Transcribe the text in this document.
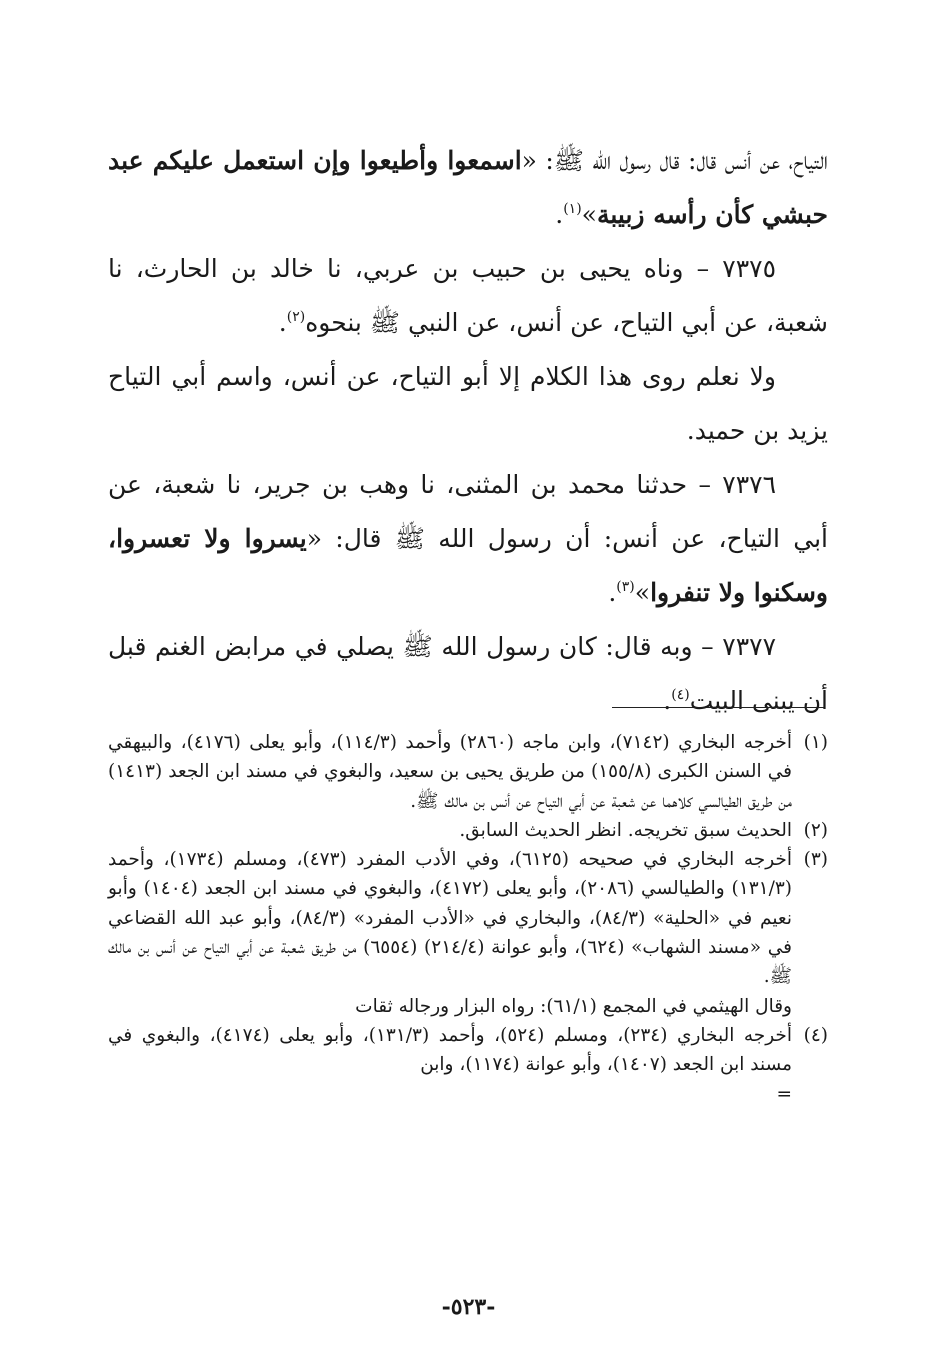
التياح، عن أنس قال: قال رسول الله ﷺ: «اسمعوا وأطيعوا وإن استعمل عليكم عبد حبشي كأن رأسه زبيبة»$^{(١)}$.

٧٣٧٥ – وناه يحيى بن حبيب بن عربي، نا خالد بن الحارث، نا شعبة، عن أبي التياح، عن أنس، عن النبي ﷺ بنحوه$^{(٢)}$.

ولا نعلم روى هذا الكلام إلا أبو التياح، عن أنس، واسم أبي التياح يزيد بن حميد.

٧٣٧٦ – حدثنا محمد بن المثنى، نا وهب بن جرير، نا شعبة، عن أبي التياح، عن أنس: أن رسول الله ﷺ قال: «يسروا ولا تعسروا، وسكنوا ولا تنفروا»$^{(٣)}$.

٧٣٧٧ – وبه قال: كان رسول الله ﷺ يصلي في مرابض الغنم قبل أن يبنى البيت$^{(٤)}$.

(١)
أخرجه البخاري (٧١٤٢)، وابن ماجه (٢٨٦٠) وأحمد (١١٤/٣)، وأبو يعلى (٤١٧٦)، والبيهقي في السنن الكبرى (١٥٥/٨) من طريق يحيى بن سعيد، والبغوي في مسند ابن الجعد (١٤١٣) من طريق الطيالسي كلاهما عن شعبة عن أبي التياح عن أنس بن مالك ﷺ.

(٢)
الحديث سبق تخريجه. انظر الحديث السابق.

(٣)
أخرجه البخاري في صحيحه (٦١٢٥)، وفي الأدب المفرد (٤٧٣)، ومسلم (١٧٣٤)، وأحمد (١٣١/٣) والطيالسي (٢٠٨٦)، وأبو يعلى (٤١٧٢)، والبغوي في مسند ابن الجعد (١٤٠٤) وأبو نعيم في «الحلية» (٨٤/٣)، والبخاري في «الأدب المفرد» (٨٤/٣)، وأبو عبد الله القضاعي في «مسند الشهاب» (٦٢٤)، وأبو عوانة (٢١٤/٤) (٦٥٥٤) من طريق شعبة عن أبي التياح عن أنس بن مالك ﷺ.

وقال الهيثمي في المجمع (٦١/١): رواه البزار ورجاله ثقات

(٤)
أخرجه البخاري (٢٣٤)، ومسلم (٥٢٤)، وأحمد (١٣١/٣)، وأبو يعلى (٤١٧٤)، والبغوي في مسند ابن الجعد (١٤٠٧)، وأبو عوانة (١١٧٤)، وابن

=

-٥٢٣-
